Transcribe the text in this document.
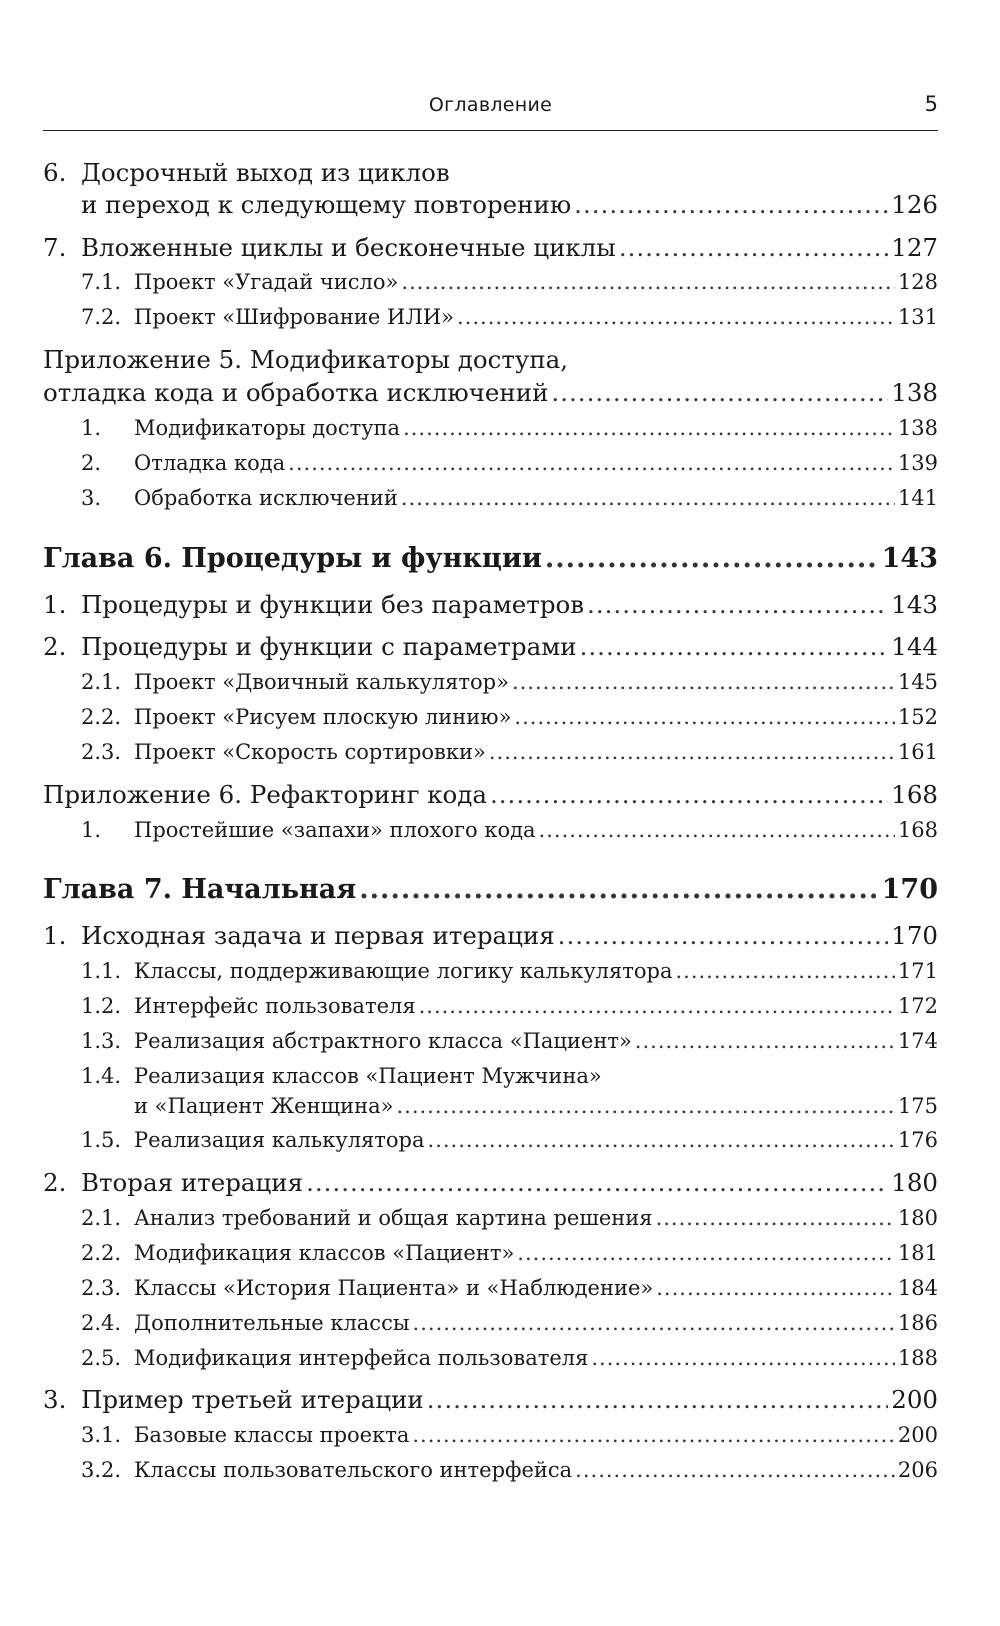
Оглавление	5
6. Досрочный выход из циклов
и переход к следующему повторению .....	126
7. Вложенные циклы и бесконечные циклы .....	127
7.1. Проект «Угадай число» .....	128
7.2. Проект «Шифрование ИЛИ» .....	131
Приложение 5. Модификаторы доступа,
отладка кода и обработка исключений .....	138
1.	Модификаторы доступа .....	138
2.	Отладка кода .....	139
3.	Обработка исключений .....	141
Глава 6. Процедуры и функции .....	143
1. Процедуры и функции без параметров .....	143
2. Процедуры и функции с параметрами .....	144
2.1. Проект «Двоичный калькулятор» .....	145
2.2. Проект «Рисуем плоскую линию» .....	152
2.3. Проект «Скорость сортировки» .....	161
Приложение 6. Рефакторинг кода .....	168
1.	Простейшие «запахи» плохого кода .....	168
Глава 7. Начальная .....	170
1. Исходная задача и первая итерация .....	170
1.1. Классы, поддерживающие логику калькулятора .....	171
1.2. Интерфейс пользователя .....	172
1.3. Реализация абстрактного класса «Пациент» .....	174
1.4. Реализация классов «Пациент Мужчина»
и «Пациент Женщина» .....	175
1.5. Реализация калькулятора .....	176
2. Вторая итерация .....	180
2.1. Анализ требований и общая картина решения .....	180
2.2. Модификация классов «Пациент» .....	181
2.3. Классы «История Пациента» и «Наблюдение» .....	184
2.4. Дополнительные классы .....	186
2.5. Модификация интерфейса пользователя .....	188
3. Пример третьей итерации .....	200
3.1. Базовые классы проекта .....	200
3.2. Классы пользовательского интерфейса .....	206
